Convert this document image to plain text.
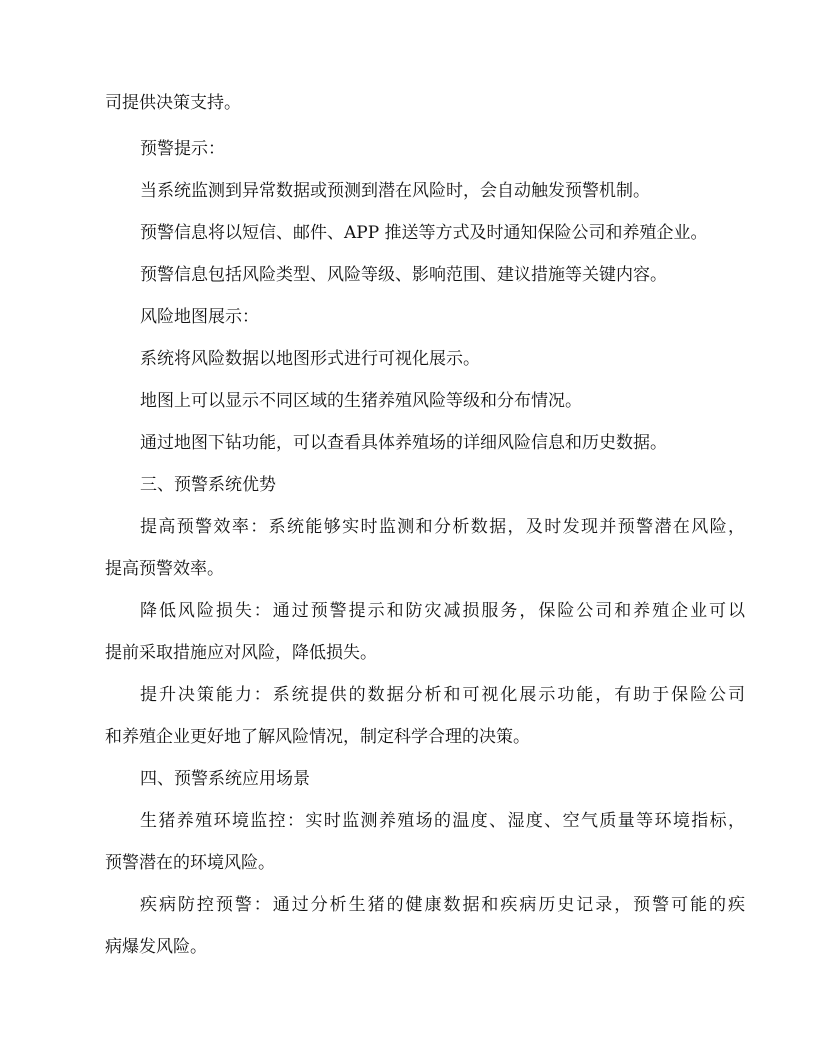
司提供决策支持。
预警提示：
当系统监测到异常数据或预测到潜在风险时，会自动触发预警机制。
预警信息将以短信、邮件、APP 推送等方式及时通知保险公司和养殖企业。
预警信息包括风险类型、风险等级、影响范围、建议措施等关键内容。
风险地图展示：
系统将风险数据以地图形式进行可视化展示。
地图上可以显示不同区域的生猪养殖风险等级和分布情况。
通过地图下钻功能，可以查看具体养殖场的详细风险信息和历史数据。
三、预警系统优势
提高预警效率：系统能够实时监测和分析数据，及时发现并预警潜在风险，
提高预警效率。
降低风险损失：通过预警提示和防灾减损服务，保险公司和养殖企业可以
提前采取措施应对风险，降低损失。
提升决策能力：系统提供的数据分析和可视化展示功能，有助于保险公司
和养殖企业更好地了解风险情况，制定科学合理的决策。
四、预警系统应用场景
生猪养殖环境监控：实时监测养殖场的温度、湿度、空气质量等环境指标，
预警潜在的环境风险。
疾病防控预警：通过分析生猪的健康数据和疾病历史记录，预警可能的疾
病爆发风险。
